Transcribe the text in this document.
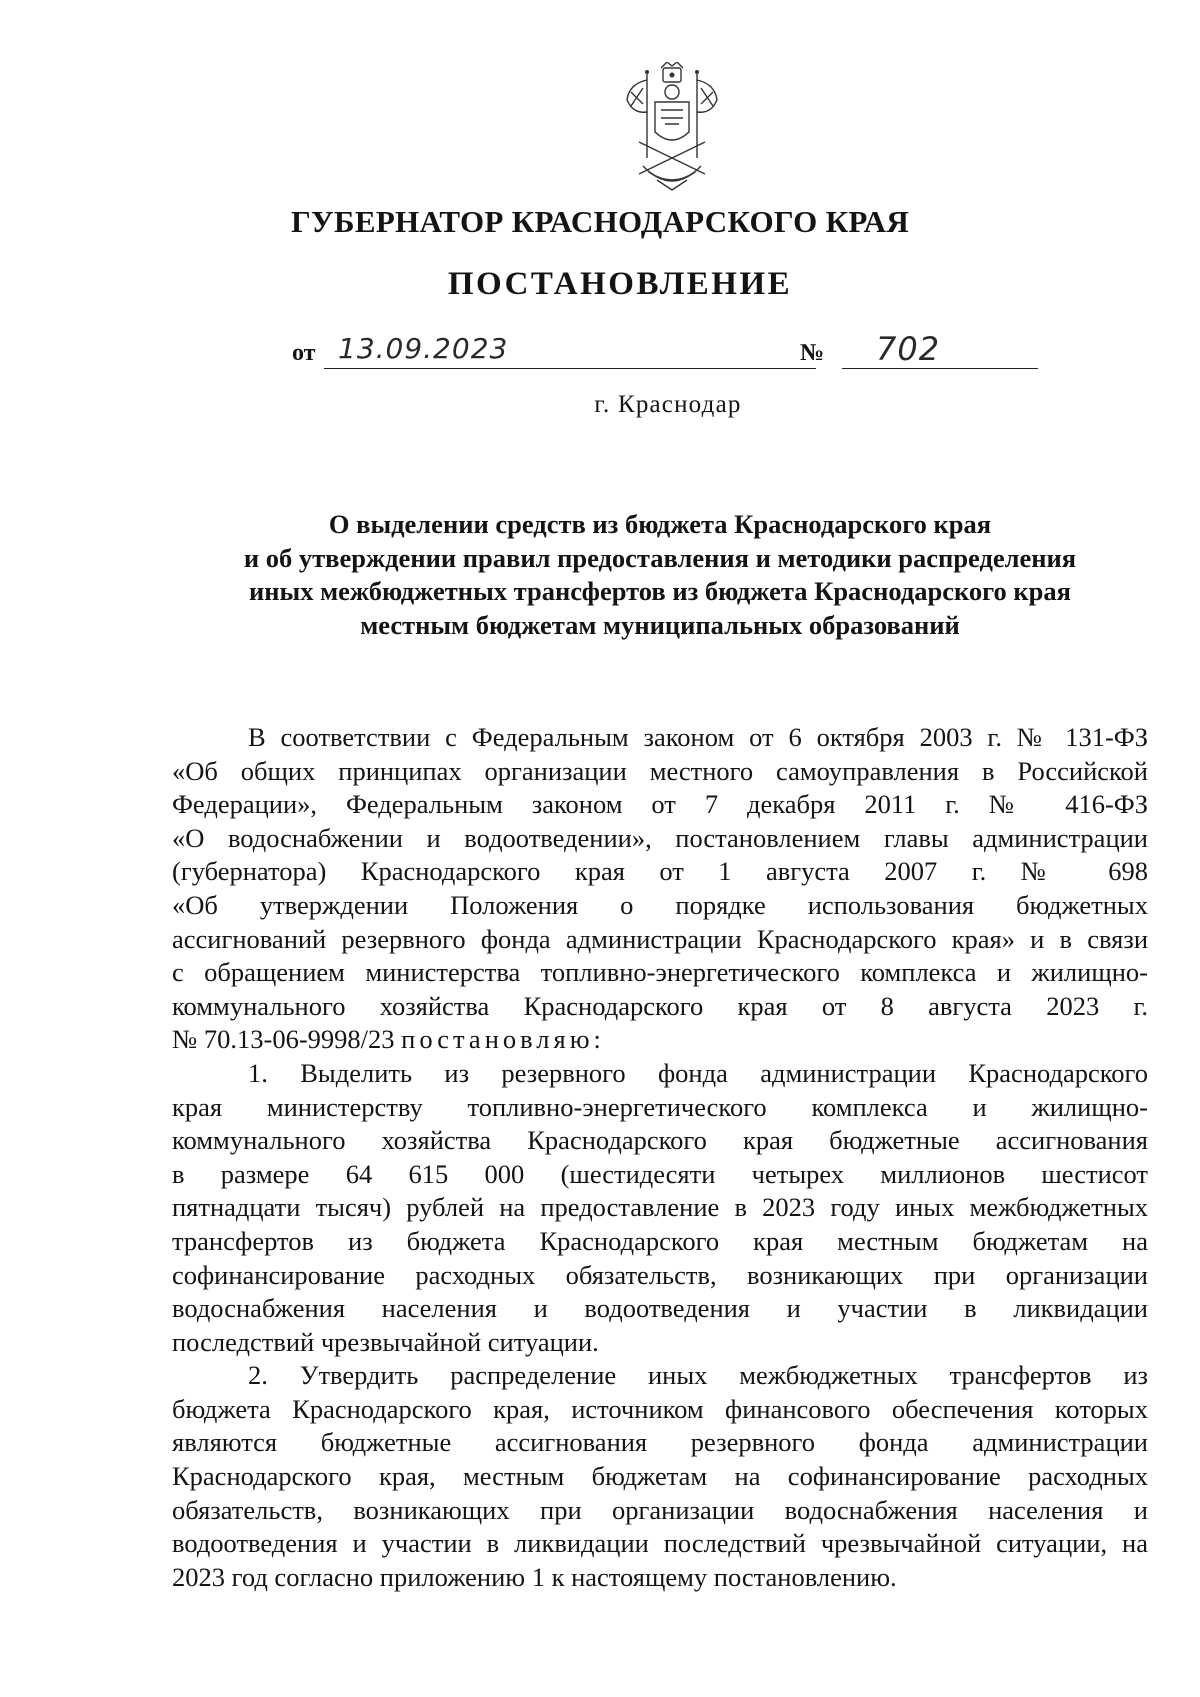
ГУБЕРНАТОР КРАСНОДАРСКОГО КРАЯ
ПОСТАНОВЛЕНИЕ
от 13.09.2023	№ 702
г. Краснодар
О выделении средств из бюджета Краснодарского края
и об утверждении правил предоставления и методики распределения
иных межбюджетных трансфертов из бюджета Краснодарского края
местным бюджетам муниципальных образований
В соответствии с Федеральным законом от 6 октября 2003 г. № 131-ФЗ
«Об общих принципах организации местного самоуправления в Российской
Федерации», Федеральным законом от 7 декабря 2011 г. № 416-ФЗ
«О водоснабжении и водоотведении», постановлением главы администрации
(губернатора) Краснодарского края от 1 августа 2007 г. № 698
«Об утверждении Положения о порядке использования бюджетных
ассигнований резервного фонда администрации Краснодарского края» и в связи
с обращением министерства топливно-энергетического комплекса и жилищно-
коммунального хозяйства Краснодарского края от 8 августа 2023 г.
№ 70.13-06-9998/23 постановляю:
1. Выделить из резервного фонда администрации Краснодарского
края министерству топливно-энергетического комплекса и жилищно-
коммунального хозяйства Краснодарского края бюджетные ассигнования
в размере 64 615 000 (шестидесяти четырех миллионов шестисот
пятнадцати тысяч) рублей на предоставление в 2023 году иных межбюджетных
трансфертов из бюджета Краснодарского края местным бюджетам на
софинансирование расходных обязательств, возникающих при организации
водоснабжения населения и водоотведения и участии в ликвидации
последствий чрезвычайной ситуации.
2. Утвердить распределение иных межбюджетных трансфертов из
бюджета Краснодарского края, источником финансового обеспечения которых
являются бюджетные ассигнования резервного фонда администрации
Краснодарского края, местным бюджетам на софинансирование расходных
обязательств, возникающих при организации водоснабжения населения и
водоотведения и участии в ликвидации последствий чрезвычайной ситуации, на
2023 год согласно приложению 1 к настоящему постановлению.
